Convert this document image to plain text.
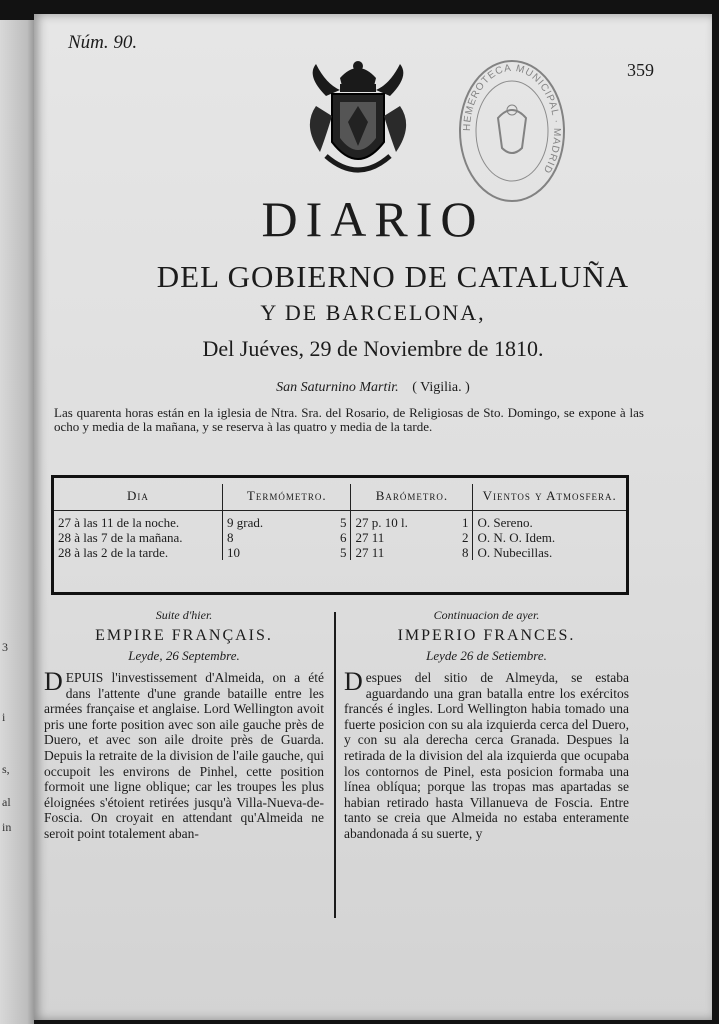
3
i
s,
al
in
Núm. 90.
359
HEMEROTECA MUNICIPAL · MADRID
DIARIO
DEL GOBIERNO DE CATALUÑA
Y DE BARCELONA,
Del Juéves, 29 de Noviembre de 1810.
San Saturnino Martir. ( Vigilia. )
Las quarenta horas están en la iglesia de Ntra. Sra. del Rosario, de Religiosas de Sto. Domingo, se expone à las ocho y media de la mañana, y se reserva à las quatro y media de la tarde.
Dia	Termómetro.		Barómetro.		Vientos y Atmosfera.
27 à las 11 de la noche.	9 grad.	5	27 p. 10 l.	1	O. Sereno.
28 à las 7 de la mañana.	8	6	27 11	2	O. N. O. Idem.
28 à las 2 de la tarde.	10	5	27 11	8	O. Nubecillas.
Suite d'hier.
EMPIRE FRANÇAIS.
Leyde, 26 Septembre.
DEPUIS l'investissement d'Almeida, on a été dans l'attente d'une grande bataille entre les armées française et anglaise. Lord Wellington avoit pris une forte position avec son aile gauche près de Duero, et avec son aile droite près de Guarda. Depuis la retraite de la division de l'aile gauche, qui occupoit les environs de Pinhel, cette position formoit une ligne oblique; car les troupes les plus éloignées s'étoient retirées jusqu'à Villa-Nueva-de-Foscia. On croyait en attendant qu'Almeida ne seroit point totalement aban-
Continuacion de ayer.
IMPERIO FRANCES.
Leyde 26 de Setiembre.
Despues del sitio de Almeyda, se estaba aguardando una gran batalla entre los exércitos francés é ingles. Lord Wellington habia tomado una fuerte posicion con su ala izquierda cerca del Duero, y con su ala derecha cerca Granada. Despues la retirada de la division del ala izquierda que ocupaba los contornos de Pinel, esta posicion formaba una línea oblíqua; porque las tropas mas apartadas se habian retirado hasta Villanueva de Foscia. Entre tanto se creia que Almeida no estaba enteramente abandonada á su suerte, y
